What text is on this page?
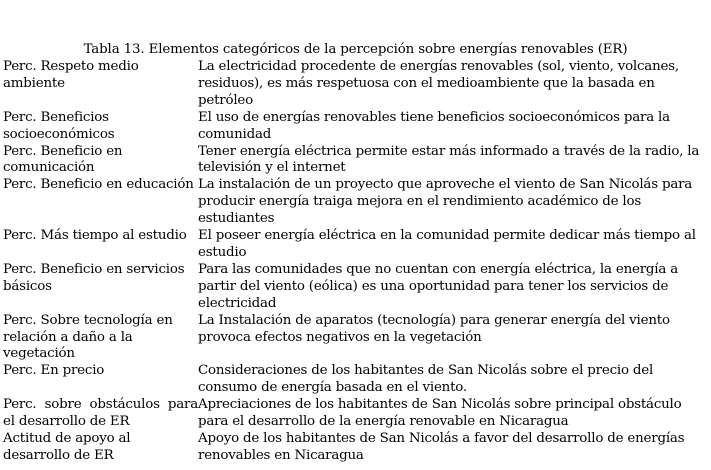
Tabla 13. Elementos categóricos de la percepción sobre energías renovables (ER)
Perc. Respeto medio ambiente
La electricidad procedente de energías renovables (sol, viento, volcanes, residuos), es más respetuosa con el medioambiente que la basada en petróleo
Perc. Beneficios socioeconómicos
El uso de energías renovables tiene beneficios socioeconómicos para la comunidad
Perc. Beneficio en comunicación
Tener energía eléctrica permite estar más informado a través de la radio, la televisión y el internet
Perc. Beneficio en educación La instalación de un proyecto que aproveche el viento de San Nicolás para producir energía traiga mejora en el rendimiento académico de los estudiantes
Perc. Más tiempo al estudio El poseer energía eléctrica en la comunidad permite dedicar más tiempo al estudio
Perc. Beneficio en servicios básicos
Para las comunidades que no cuentan con energía eléctrica, la energía a partir del viento (eólica) es una oportunidad para tener los servicios de electricidad
Perc. Sobre tecnología en relación a daño a la vegetación
La Instalación de aparatos (tecnología) para generar energía del viento provoca efectos negativos en la vegetación
Perc. En precio	Consideraciones de los habitantes de San Nicolás sobre el precio del consumo de energía basada en el viento.
Perc. sobre obstáculos para el desarrollo de ER
Apreciaciones de los habitantes de San Nicolás sobre principal obstáculo para el desarrollo de la energía renovable en Nicaragua
Actitud de apoyo al desarrollo de ER
Apoyo de los habitantes de San Nicolás a favor del desarrollo de energías renovables en Nicaragua
